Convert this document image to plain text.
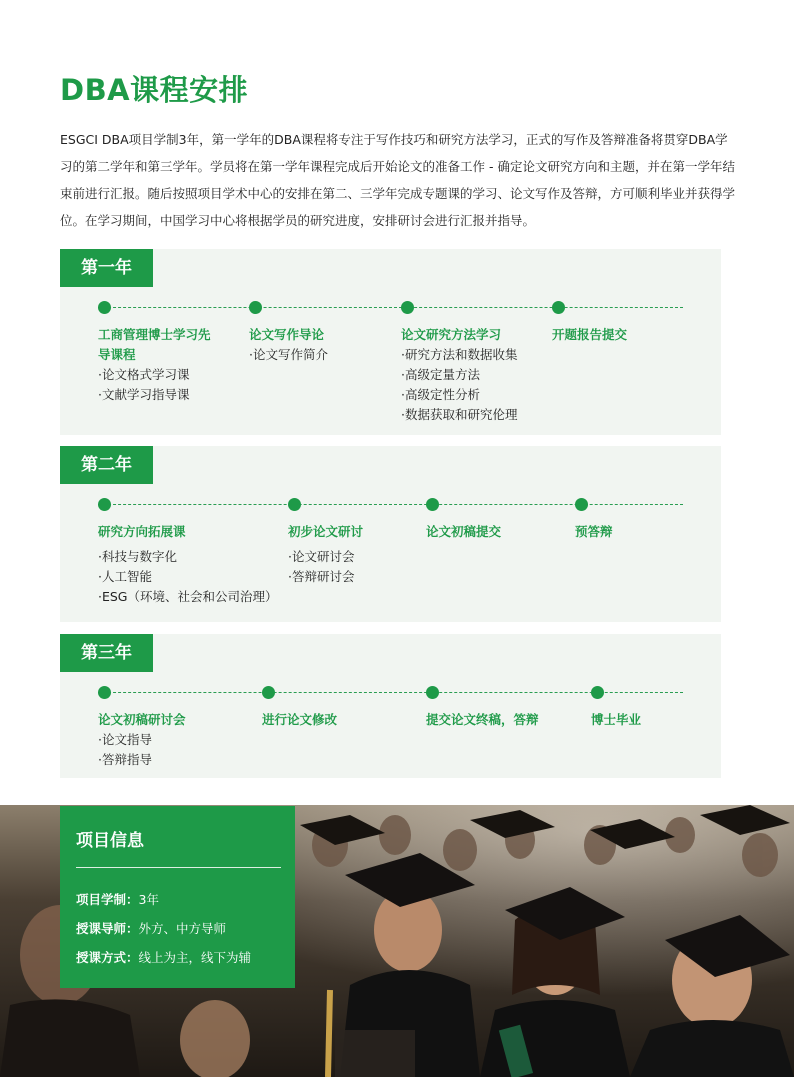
DBA课程安排
ESGCI DBA项目学制3年，第一学年的DBA课程将专注于写作技巧和研究方法学习，正式的写作及答辩准备将贯穿DBA学习的第二学年和第三学年。学员将在第一学年课程完成后开始论文的准备工作 - 确定论文研究方向和主题，并在第一学年结束前进行汇报。随后按照项目学术中心的安排在第二、三学年完成专题课的学习、论文写作及答辩，方可顺利毕业并获得学位。在学习期间，中国学习中心将根据学员的研究进度，安排研讨会进行汇报并指导。
第一年
工商管理博士学习先导课程
·论文格式学习课
·文献学习指导课
论文写作导论
·论文写作简介
论文研究方法学习
·研究方法和数据收集
·高级定量方法
·高级定性分析
·数据获取和研究伦理
开题报告提交
第二年
研究方向拓展课
·科技与数字化
·人工智能
·ESG（环境、社会和公司治理）
初步论文研讨
·论文研讨会
·答辩研讨会
论文初稿提交	预答辩
第三年
论文初稿研讨会
·论文指导
·答辩指导
进行论文修改	提交论文终稿，答辩	博士毕业
项目信息
项目学制：3年
授课导师：外方、中方导师
授课方式：线上为主，线下为辅
